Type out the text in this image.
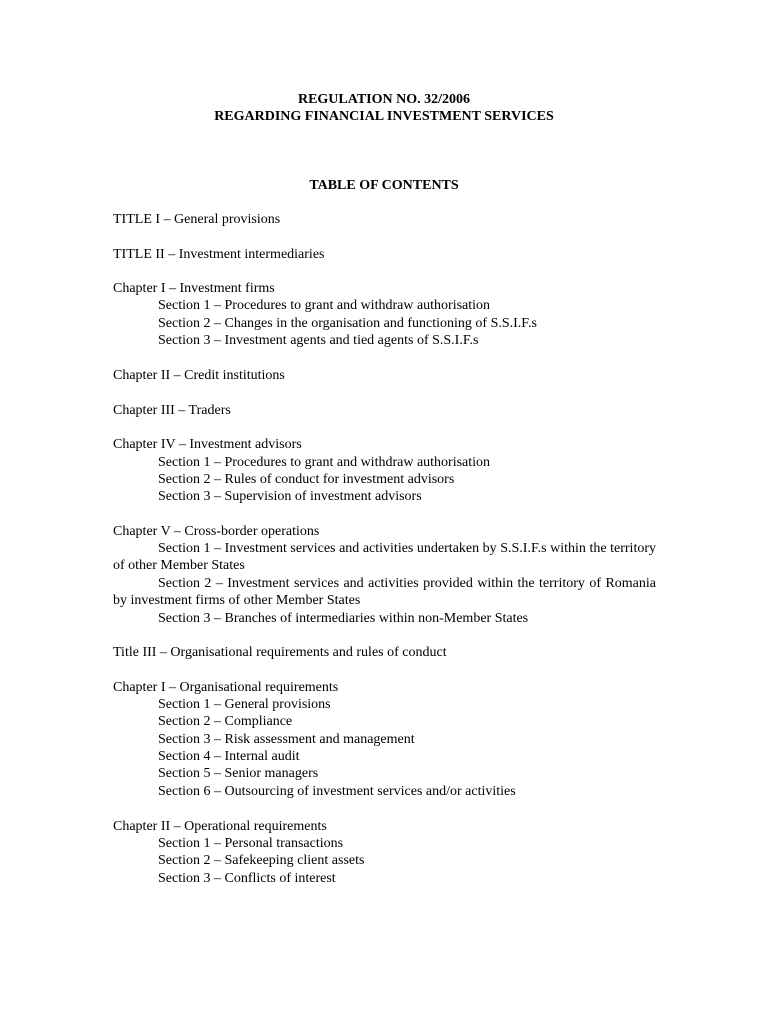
REGULATION NO. 32/2006
REGARDING FINANCIAL INVESTMENT SERVICES
TABLE OF CONTENTS
TITLE I – General provisions
TITLE II – Investment intermediaries
Chapter I – Investment firms
Section 1 – Procedures to grant and withdraw authorisation
Section 2 – Changes in the organisation and functioning of S.S.I.F.s
Section 3 – Investment agents and tied agents of S.S.I.F.s
Chapter II – Credit institutions
Chapter III – Traders
Chapter IV – Investment advisors
Section 1 – Procedures to grant and withdraw authorisation
Section 2 – Rules of conduct for investment advisors
Section 3 – Supervision of investment advisors
Chapter V – Cross-border operations
Section 1 – Investment services and activities undertaken by S.S.I.F.s within the territory of other Member States
Section 2 – Investment services and activities provided within the territory of Romania by investment firms of other Member States
Section 3 – Branches of intermediaries within non-Member States
Title III – Organisational requirements and rules of conduct
Chapter I – Organisational requirements
Section 1 – General provisions
Section 2 – Compliance
Section 3 – Risk assessment and management
Section 4 – Internal audit
Section 5 – Senior managers
Section 6 – Outsourcing of investment services and/or activities
Chapter II – Operational requirements
Section 1 – Personal transactions
Section 2 – Safekeeping client assets
Section 3 – Conflicts of interest
